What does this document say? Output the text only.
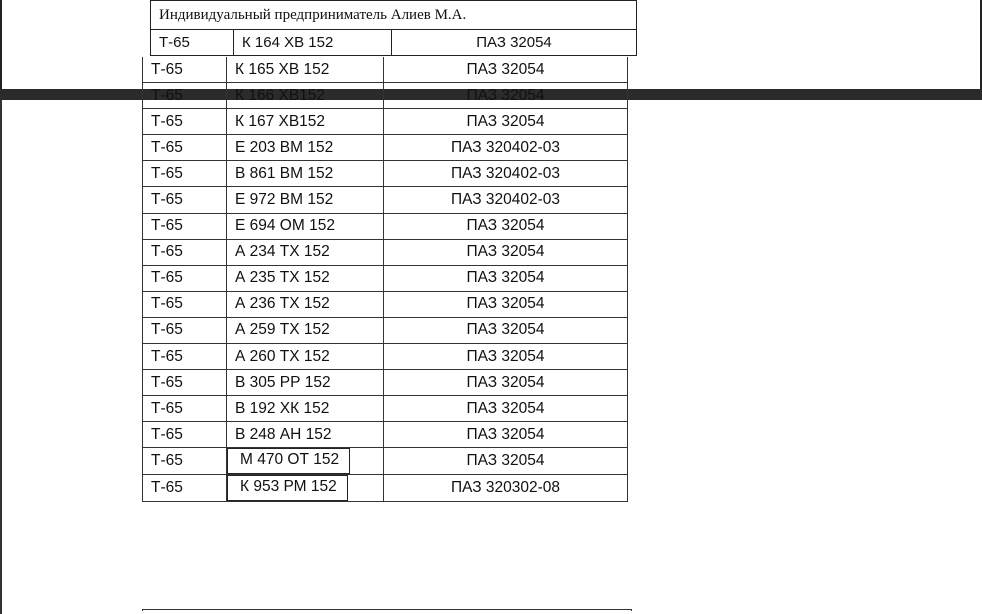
Индивидуальный предприниматель Алиев М.А.
Т-65	К 164 ХВ 152	ПАЗ 32054
Т-65	К 165 ХВ 152	ПАЗ 32054
Т-65	К 166 ХВ152	ПАЗ 32054
Т-65	К 167 ХВ152	ПАЗ 32054
Т-65	Е 203 ВМ 152	ПАЗ 320402-03
Т-65	В 861 ВМ 152	ПАЗ 320402-03
Т-65	Е 972 ВМ 152	ПАЗ 320402-03
Т-65	Е 694 ОМ 152	ПАЗ 32054
Т-65	А 234 ТХ 152	ПАЗ 32054
Т-65	А 235 ТХ 152	ПАЗ 32054
Т-65	А 236 ТХ 152	ПАЗ 32054
Т-65	А 259 ТХ 152	ПАЗ 32054
Т-65	А 260 ТХ 152	ПАЗ 32054
Т-65	В 305 РР 152	ПАЗ 32054
Т-65	В 192 ХК 152	ПАЗ 32054
Т-65	В 248 АН 152	ПАЗ 32054
Т-65	М 470 ОТ 152	ПАЗ 32054
Т-65	К 953 РМ 152	ПАЗ 320302-08
